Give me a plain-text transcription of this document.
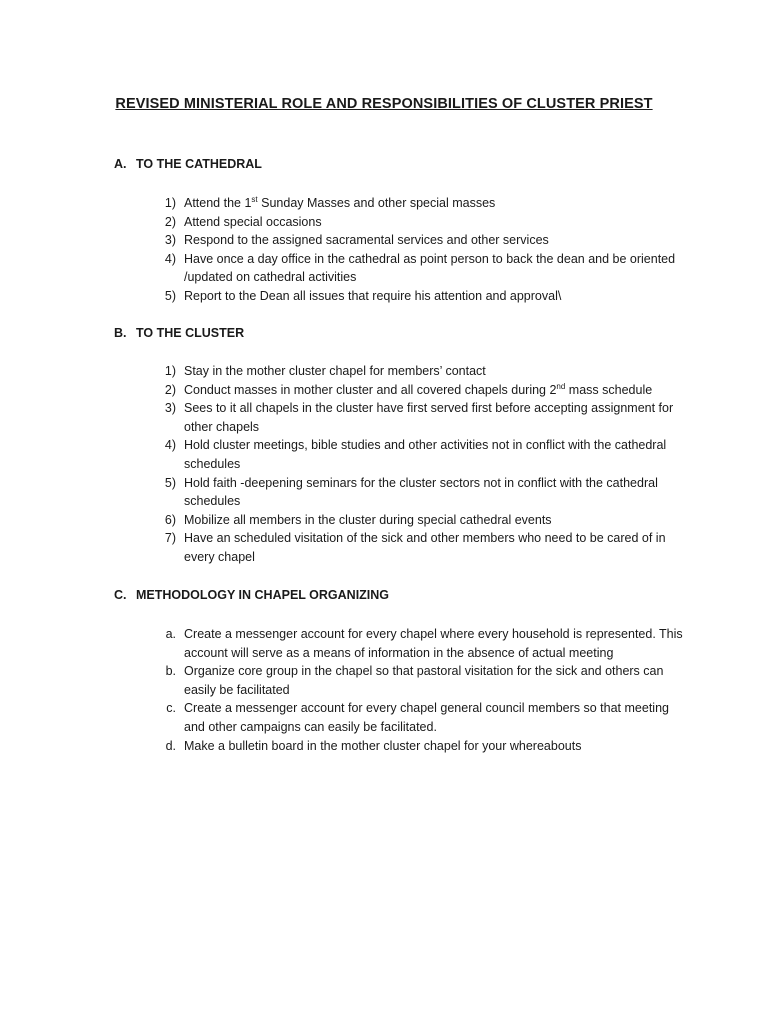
REVISED MINISTERIAL ROLE AND RESPONSIBILITIES OF CLUSTER PRIEST
A. TO THE CATHEDRAL
1) Attend the 1st Sunday Masses and other special masses
2) Attend special occasions
3) Respond to the assigned sacramental services and other services
4) Have once a day office in the cathedral as point person to back the dean and be oriented /updated on cathedral activities
5) Report to the Dean all issues that require his attention and approval\
B. TO THE CLUSTER
1) Stay in the mother cluster chapel for members’ contact
2) Conduct masses in mother cluster and all covered chapels during 2nd mass schedule
3) Sees to it all chapels in the cluster have first served first before accepting assignment for other chapels
4) Hold cluster meetings, bible studies and other activities not in conflict with the cathedral schedules
5) Hold faith -deepening seminars for the cluster sectors not in conflict with the cathedral schedules
6) Mobilize all members in the cluster during special cathedral events
7) Have an scheduled visitation of the sick and other members who need to be cared of in every chapel
C. METHODOLOGY IN CHAPEL ORGANIZING
a. Create a messenger account for every chapel where every household is represented. This account will serve as a means of information in the absence of actual meeting
b. Organize core group in the chapel so that pastoral visitation for the sick and others can easily be facilitated
c. Create a messenger account for every chapel general council members so that meeting and other campaigns can easily be facilitated.
d. Make a bulletin board in the mother cluster chapel for your whereabouts
